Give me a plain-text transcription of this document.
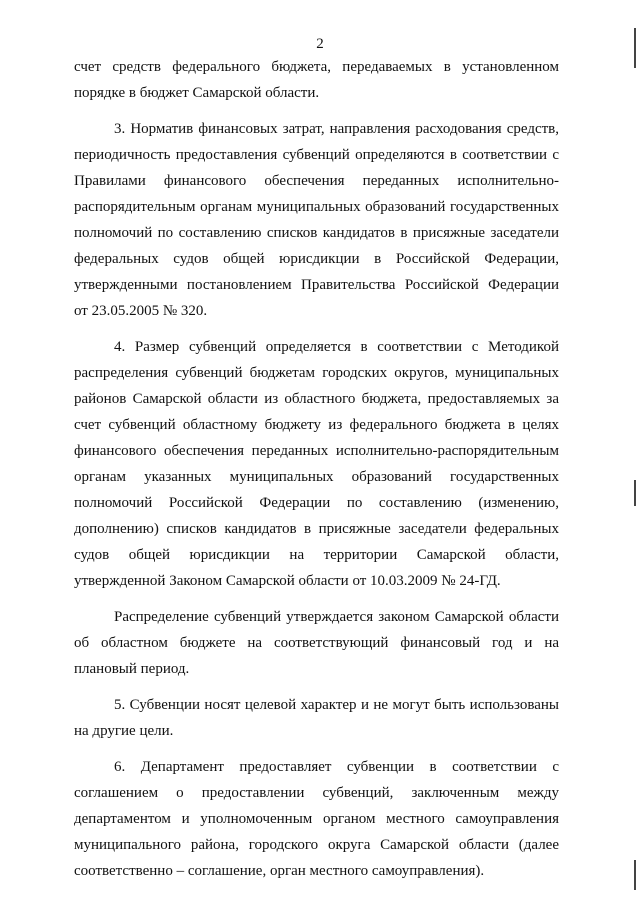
2
счет средств федерального бюджета, передаваемых в установленном
порядке в бюджет Самарской области.
3. Норматив финансовых затрат, направления расходования средств,
периодичность предоставления субвенций определяются в соответствии с
Правилами финансового обеспечения переданных исполнительно-
распорядительным органам муниципальных образований государственных
полномочий по составлению списков кандидатов в присяжные заседатели
федеральных судов общей юрисдикции в Российской Федерации,
утвержденными постановлением Правительства Российской Федерации
от 23.05.2005 № 320.
4. Размер субвенций определяется в соответствии с Методикой
распределения субвенций бюджетам городских округов, муниципальных
районов Самарской области из областного бюджета, предоставляемых за
счет субвенций областному бюджету из федерального бюджета в целях
финансового обеспечения переданных исполнительно-распорядительным
органам указанных муниципальных образований государственных
полномочий Российской Федерации по составлению (изменению,
дополнению) списков кандидатов в присяжные заседатели федеральных
судов общей юрисдикции на территории Самарской области,
утвержденной Законом Самарской области от 10.03.2009 № 24-ГД.
Распределение субвенций утверждается законом Самарской области
об областном бюджете на соответствующий финансовый год и на
плановый период.
5. Субвенции носят целевой характер и не могут быть использованы
на другие цели.
6. Департамент предоставляет субвенции в соответствии с
соглашением о предоставлении субвенций, заключенным между
департаментом и уполномоченным органом местного самоуправления
муниципального района, городского округа Самарской области (далее
соответственно – соглашение, орган местного самоуправления).
